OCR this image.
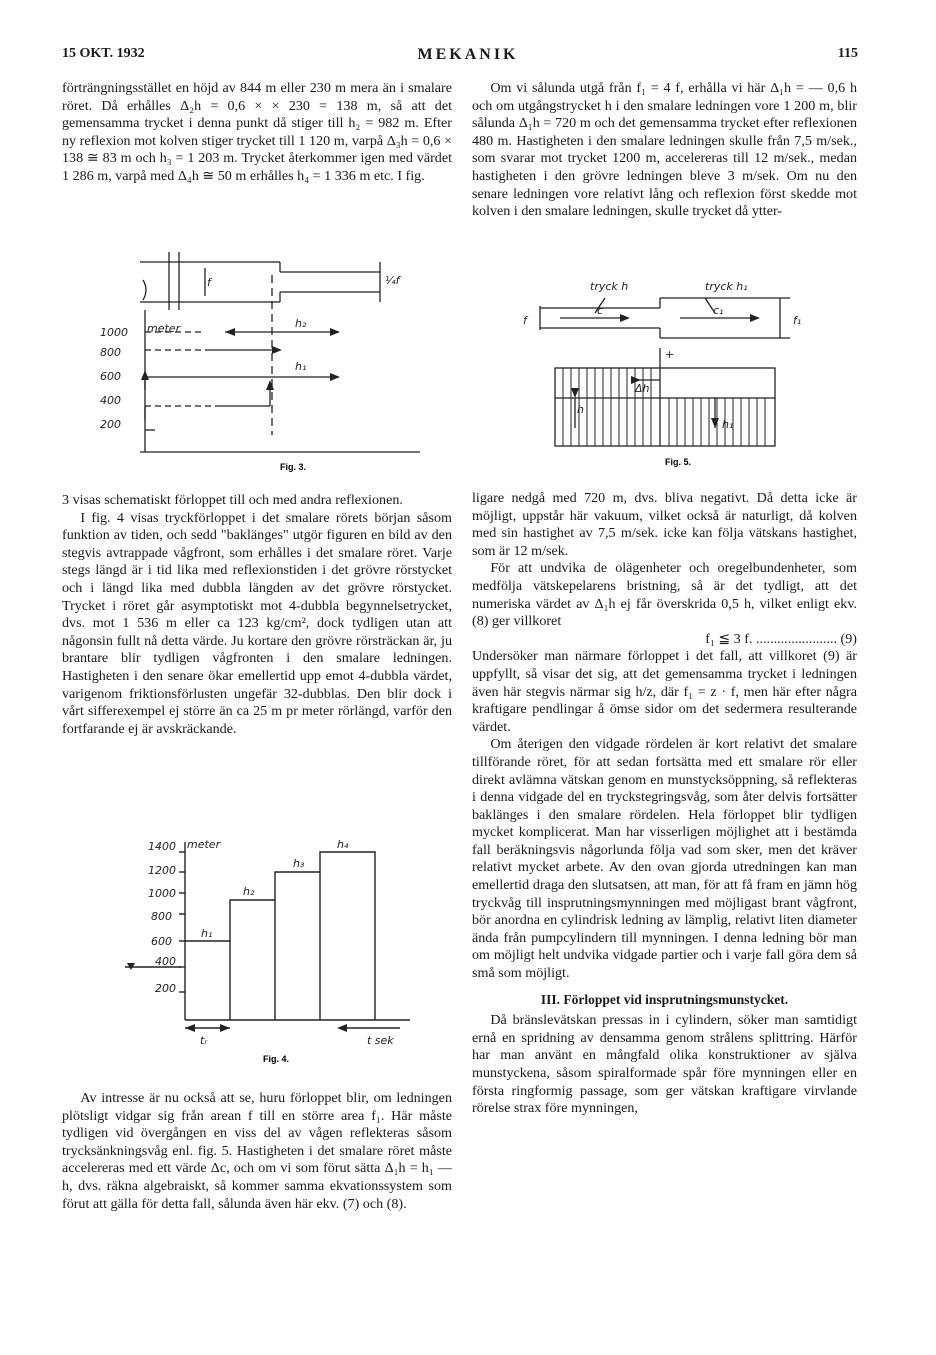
15 OKT. 1932	MEKANIK	115

förträngningsstället en höjd av 844 m eller 230 m mera än i smalare röret. Då erhålles Δ₂h = 0,6 × × 230 = 138 m, så att det gemensamma trycket i denna punkt då stiger till h₂ = 982 m. Efter ny reflexion mot kolven stiger trycket till 1 120 m, varpå Δ₃h = 0,6 × 138 ≅ 83 m och h₃ = 1 203 m. Trycket återkommer igen med värdet 1 286 m, varpå med Δ₄h ≅ 50 m erhålles h₄ = 1 336 m etc. I fig.

1000 meter
800
600
400
200
f	¼f
h₂
h₁
Fig. 3.

3 visas schematiskt förloppet till och med andra reflexionen.

I fig. 4 visas tryckförloppet i det smalare rörets början såsom funktion av tiden, och sedd "baklänges" utgör figuren en bild av den stegvis avtrappade vågfront, som erhålles i det smalare röret. Varje stegs längd är i tid lika med reflexionstiden i det grövre rörstycket och i längd lika med dubbla längden av det grövre rörstycket. Trycket i röret går asymptotiskt mot 4-dubbla begynnelsetrycket, dvs. mot 1 536 m eller ca 123 kg/cm², dock tydligen utan att någonsin fullt nå detta värde. Ju kortare den grövre rörsträckan är, ju brantare blir tydligen vågfronten i den smalare ledningen. Hastigheten i den senare ökar emellertid upp emot 4-dubbla värdet, varigenom friktionsförlusten ungefär 32-dubblas. Den blir dock i vårt sifferexempel ej större än ca 25 m pr meter rörlängd, varför den fortfarande ej är avskräckande.

1400 meter
1200
1000
800
600
400
200
h₁
h₂
h₃
h₄
tᵣ	t sek
Fig. 4.

Av intresse är nu också att se, huru förloppet blir, om ledningen plötsligt vidgar sig från arean f till en större area f₁. Här måste tydligen vid övergången en viss del av vågen reflekteras såsom trycksänkningsvåg enl. fig. 5. Hastigheten i det smalare röret måste accelereras med ett värde Δc, och om vi som förut sätta Δ₁h = h₁ — h, dvs. räkna algebraiskt, så kommer samma ekvationssystem som förut att gälla för detta fall, sålunda även här ekv. (7) och (8).

Om vi sålunda utgå från f₁ = 4 f, erhålla vi här Δ₁h = — 0,6 h och om utgångstrycket h i den smalare ledningen vore 1 200 m, blir sålunda Δ₁h = 720 m och det gemensamma trycket efter reflexionen 480 m. Hastigheten i den smalare ledningen skulle från 7,5 m/sek., som svarar mot trycket 1200 m, accelereras till 12 m/sek., medan hastigheten i den grövre ledningen bleve 3 m/sek. Om nu den senare ledningen vore relativt lång och reflexion först skedde mot kolven i den smalare ledningen, skulle trycket då ytter-

tryck h	tryck h₁
f	f₁
c	c₁
+
Δh
h
h₁
Fig. 5.

ligare nedgå med 720 m, dvs. bliva negativt. Då detta icke är möjligt, uppstår här vakuum, vilket också är naturligt, då kolven med sin hastighet av 7,5 m/sek. icke kan följa vätskans hastighet, som är 12 m/sek.

För att undvika de olägenheter och oregelbundenheter, som medfölja vätskepelarens bristning, så är det tydligt, att det numeriska värdet av Δ₁h ej får överskrida 0,5 h, vilket enligt ekv. (8) ger villkoret

f₁ ≦ 3 f. ....................... (9)

Undersöker man närmare förloppet i det fall, att villkoret (9) är uppfyllt, så visar det sig, att det gemensamma trycket i ledningen även här stegvis närmar sig h/z, där f₁ = z · f, men här efter några kraftigare pendlingar å ömse sidor om det sedermera resulterande värdet.

Om återigen den vidgade rördelen är kort relativt det smalare tillförande röret, för att sedan fortsätta med ett smalare rör eller direkt avlämna vätskan genom en munstycksöppning, så reflekteras i denna vidgade del en tryckstegringsvåg, som åter delvis fortsätter baklänges i den smalare rördelen. Hela förloppet blir tydligen mycket komplicerat. Man har visserligen möjlighet att i bestämda fall beräkningsvis någorlunda följa vad som sker, men det kräver relativt mycket arbete. Av den ovan gjorda utredningen kan man emellertid draga den slutsatsen, att man, för att få fram en jämn hög tryckvåg till insprutningsmynningen med möjligast brant vågfront, bör anordna en cylindrisk ledning av lämplig, relativt liten diameter ända från pumpcylindern till mynningen. I denna ledning bör man om möjligt helt undvika vidgade partier och i varje fall göra dem så små som möjligt.

III. Förloppet vid insprutningsmunstycket.

Då bränslevätskan pressas in i cylindern, söker man samtidigt ernå en spridning av densamma genom strålens splittring. Härför har man använt en mångfald olika konstruktioner av själva munstyckena, såsom spiralformade spår före mynningen eller en första ringformig passage, som ger vätskan kraftigare virvlande rörelse strax före mynningen,
